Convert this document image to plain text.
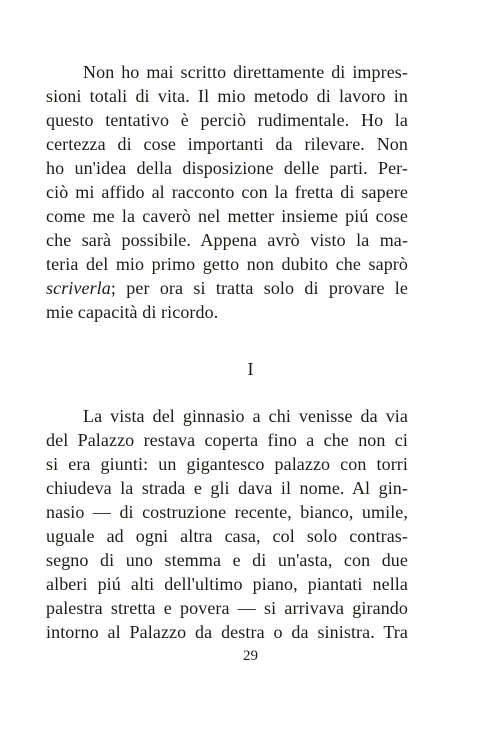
Non ho mai scritto direttamente di impres-
sioni totali di vita. Il mio metodo di lavoro in
questo tentativo è perciò rudimentale. Ho la
certezza di cose importanti da rilevare. Non
ho un'idea della disposizione delle parti. Per-
ciò mi affido al racconto con la fretta di sapere
come me la caverò nel metter insieme piú cose
che sarà possibile. Appena avrò visto la ma-
teria del mio primo getto non dubito che saprò
scriverla; per ora si tratta solo di provare le
mie capacità di ricordo.
I
La vista del ginnasio a chi venisse da via
del Palazzo restava coperta fino a che non ci
si era giunti: un gigantesco palazzo con torri
chiudeva la strada e gli dava il nome. Al gin-
nasio — di costruzione recente, bianco, umile,
uguale ad ogni altra casa, col solo contras-
segno di uno stemma e di un'asta, con due
alberi piú alti dell'ultimo piano, piantati nella
palestra stretta e povera — si arrivava girando
intorno al Palazzo da destra o da sinistra. Tra
29
